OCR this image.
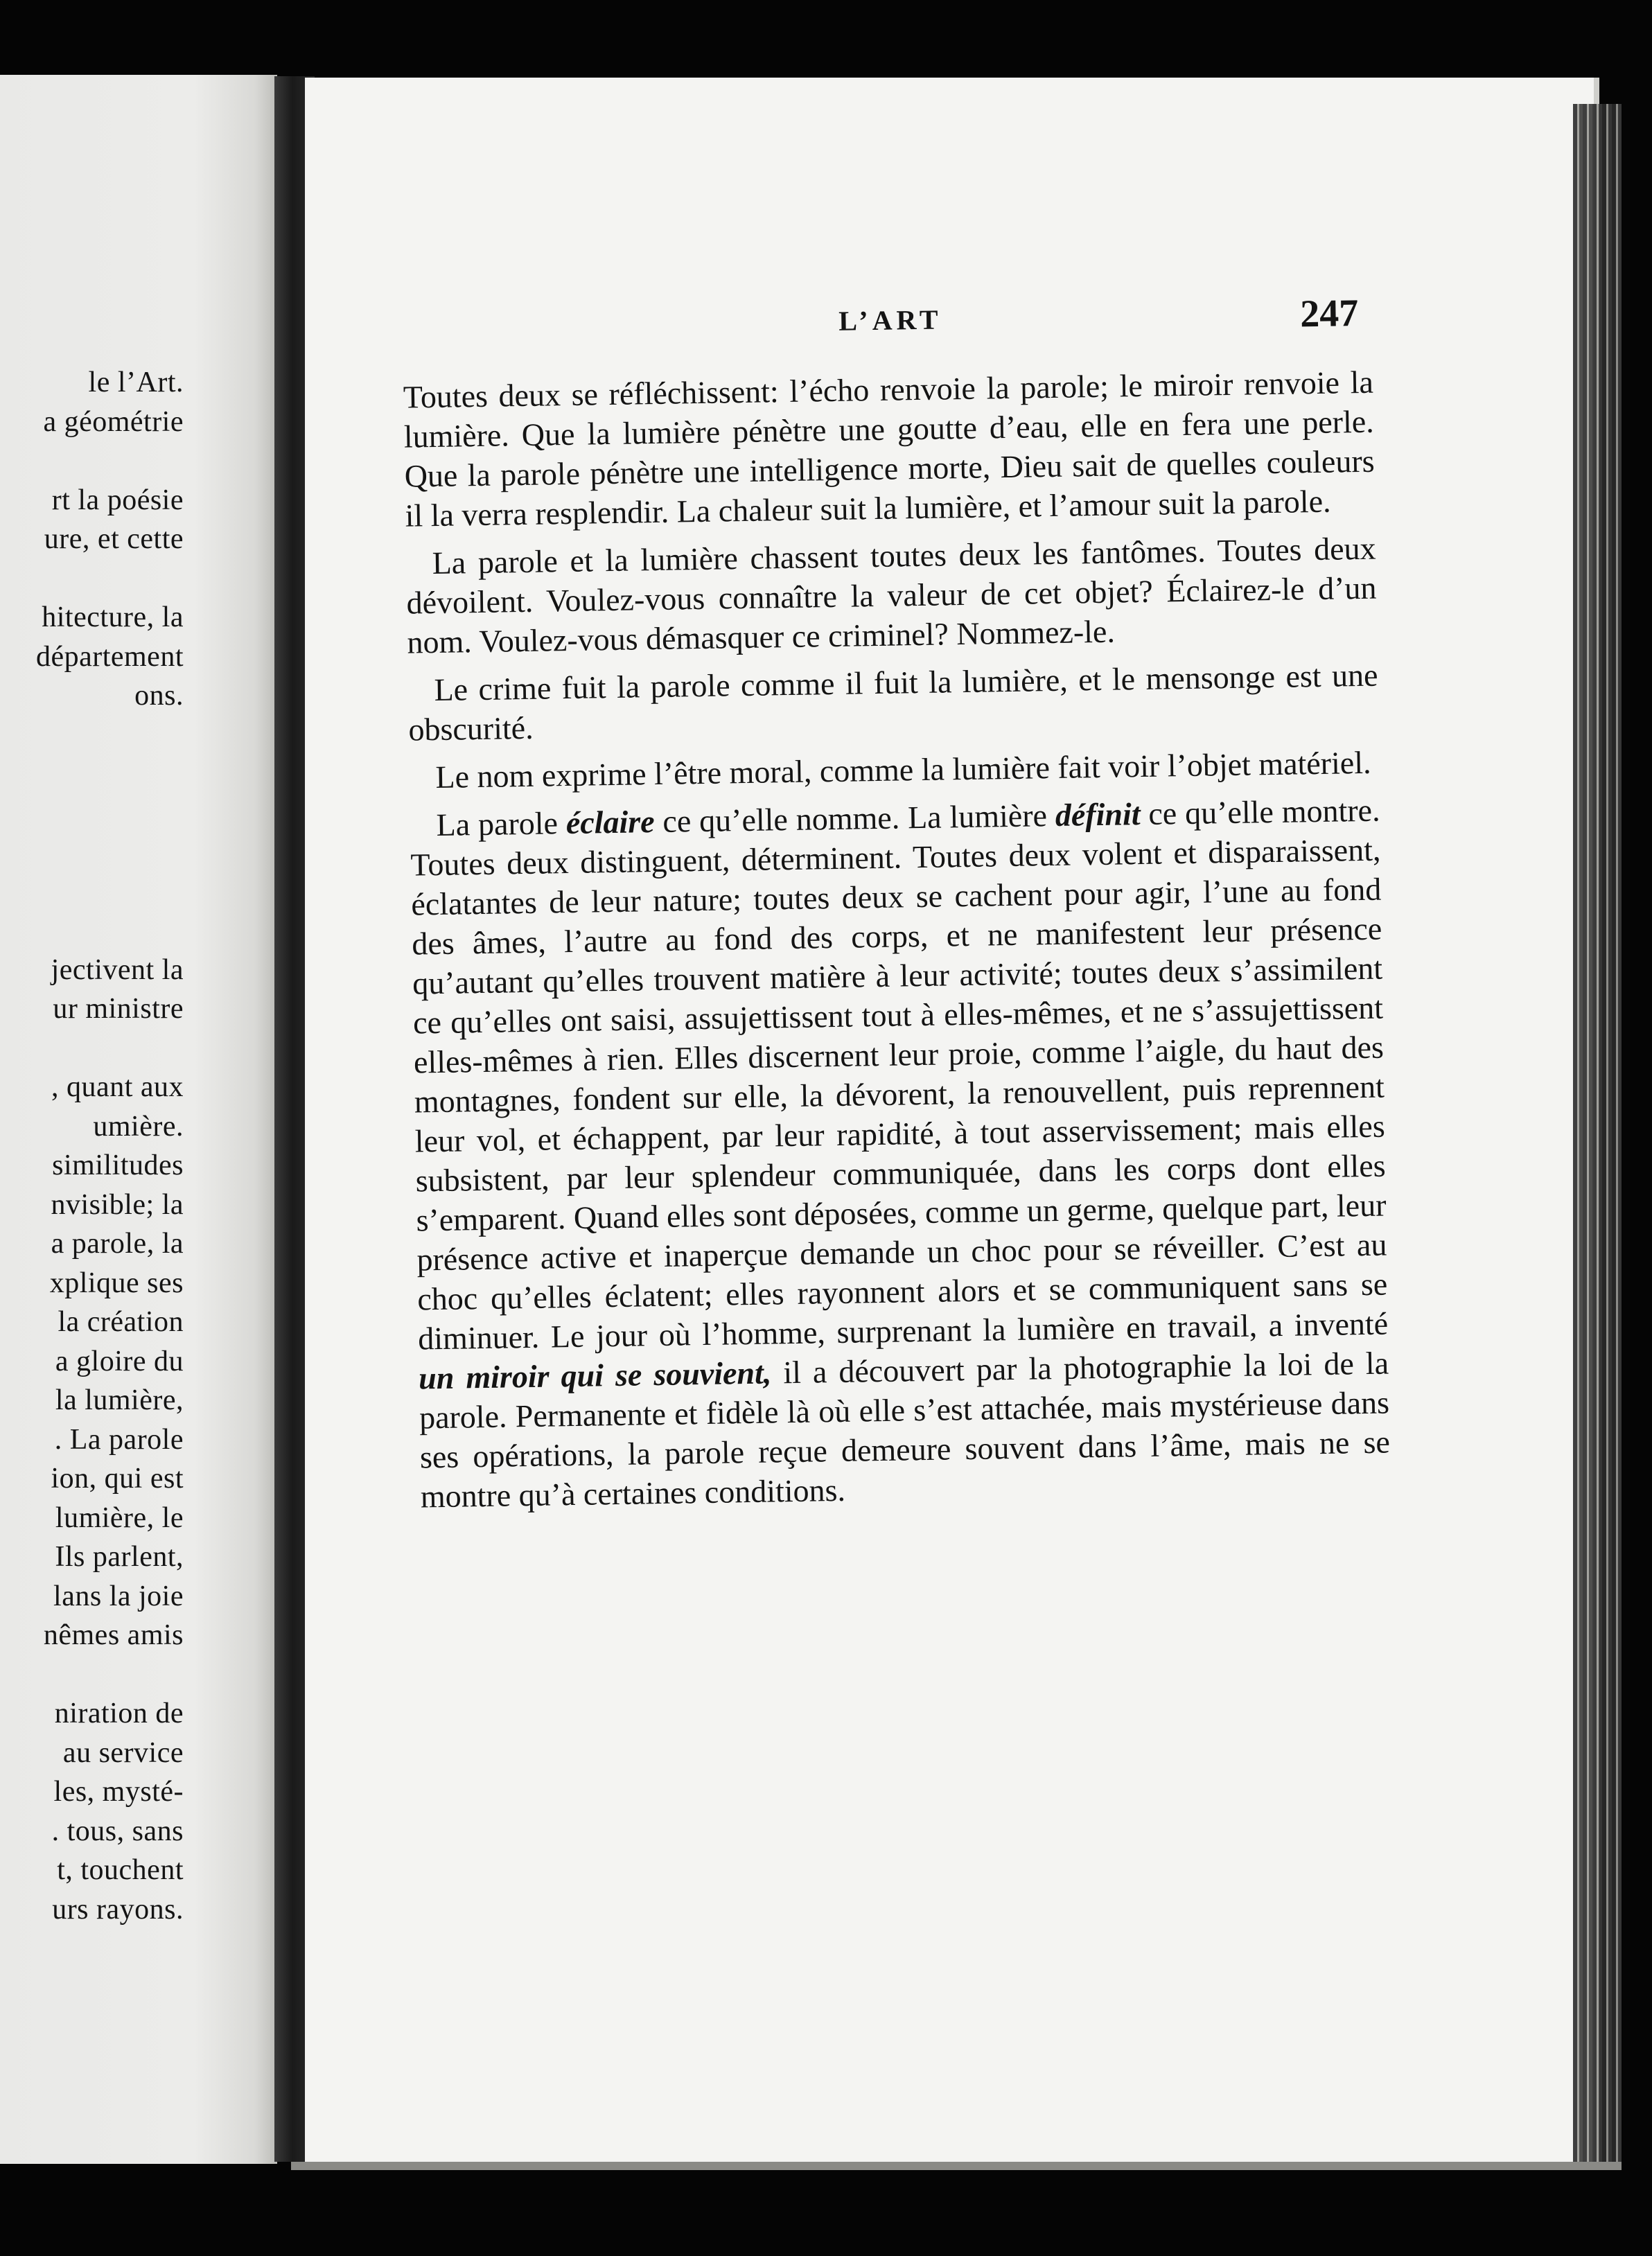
le l’Art.
a géométrie
rt la poésie
ure, et cette
hitecture, la
département
ons.
jectivent la
ur ministre
, quant aux
umière.
similitudes
nvisible; la
a parole, la
xplique ses
la création
a gloire du
la lumière,
. La parole
ion, qui est
lumière, le
Ils parlent,
lans la joie
nêmes amis
niration de
au service
les, mysté-
. tous, sans
t, touchent
urs rayons.
L’ART	247

Toutes deux se réfléchissent: l’écho renvoie la parole; le miroir renvoie la lumière. Que la lumière pénètre une goutte d’eau, elle en fera une perle. Que la parole pénètre une intelligence morte, Dieu sait de quelles couleurs il la verra resplendir. La chaleur suit la lumière, et l’amour suit la parole.

La parole et la lumière chassent toutes deux les fantômes. Toutes deux dévoilent. Voulez-vous connaître la valeur de cet objet? Éclairez-le d’un nom. Voulez-vous démasquer ce criminel? Nommez-le.

Le crime fuit la parole comme il fuit la lumière, et le mensonge est une obscurité.

Le nom exprime l’être moral, comme la lumière fait voir l’objet matériel.

La parole éclaire ce qu’elle nomme. La lumière définit ce qu’elle montre. Toutes deux distinguent, déterminent. Toutes deux volent et disparaissent, éclatantes de leur nature; toutes deux se cachent pour agir, l’une au fond des âmes, l’autre au fond des corps, et ne manifestent leur présence qu’autant qu’elles trouvent matière à leur activité; toutes deux s’assimilent ce qu’elles ont saisi, assujettissent tout à elles-mêmes, et ne s’assujettissent elles-mêmes à rien. Elles discernent leur proie, comme l’aigle, du haut des montagnes, fondent sur elle, la dévorent, la renouvellent, puis reprennent leur vol, et échappent, par leur rapidité, à tout asservissement; mais elles subsistent, par leur splendeur communiquée, dans les corps dont elles s’emparent. Quand elles sont déposées, comme un germe, quelque part, leur présence active et inaperçue demande un choc pour se réveiller. C’est au choc qu’elles éclatent; elles rayonnent alors et se communiquent sans se diminuer. Le jour où l’homme, surprenant la lumière en travail, a inventé un miroir qui se souvient, il a découvert par la photographie la loi de la parole. Permanente et fidèle là où elle s’est attachée, mais mystérieuse dans ses opérations, la parole reçue demeure souvent dans l’âme, mais ne se montre qu’à certaines conditions.
